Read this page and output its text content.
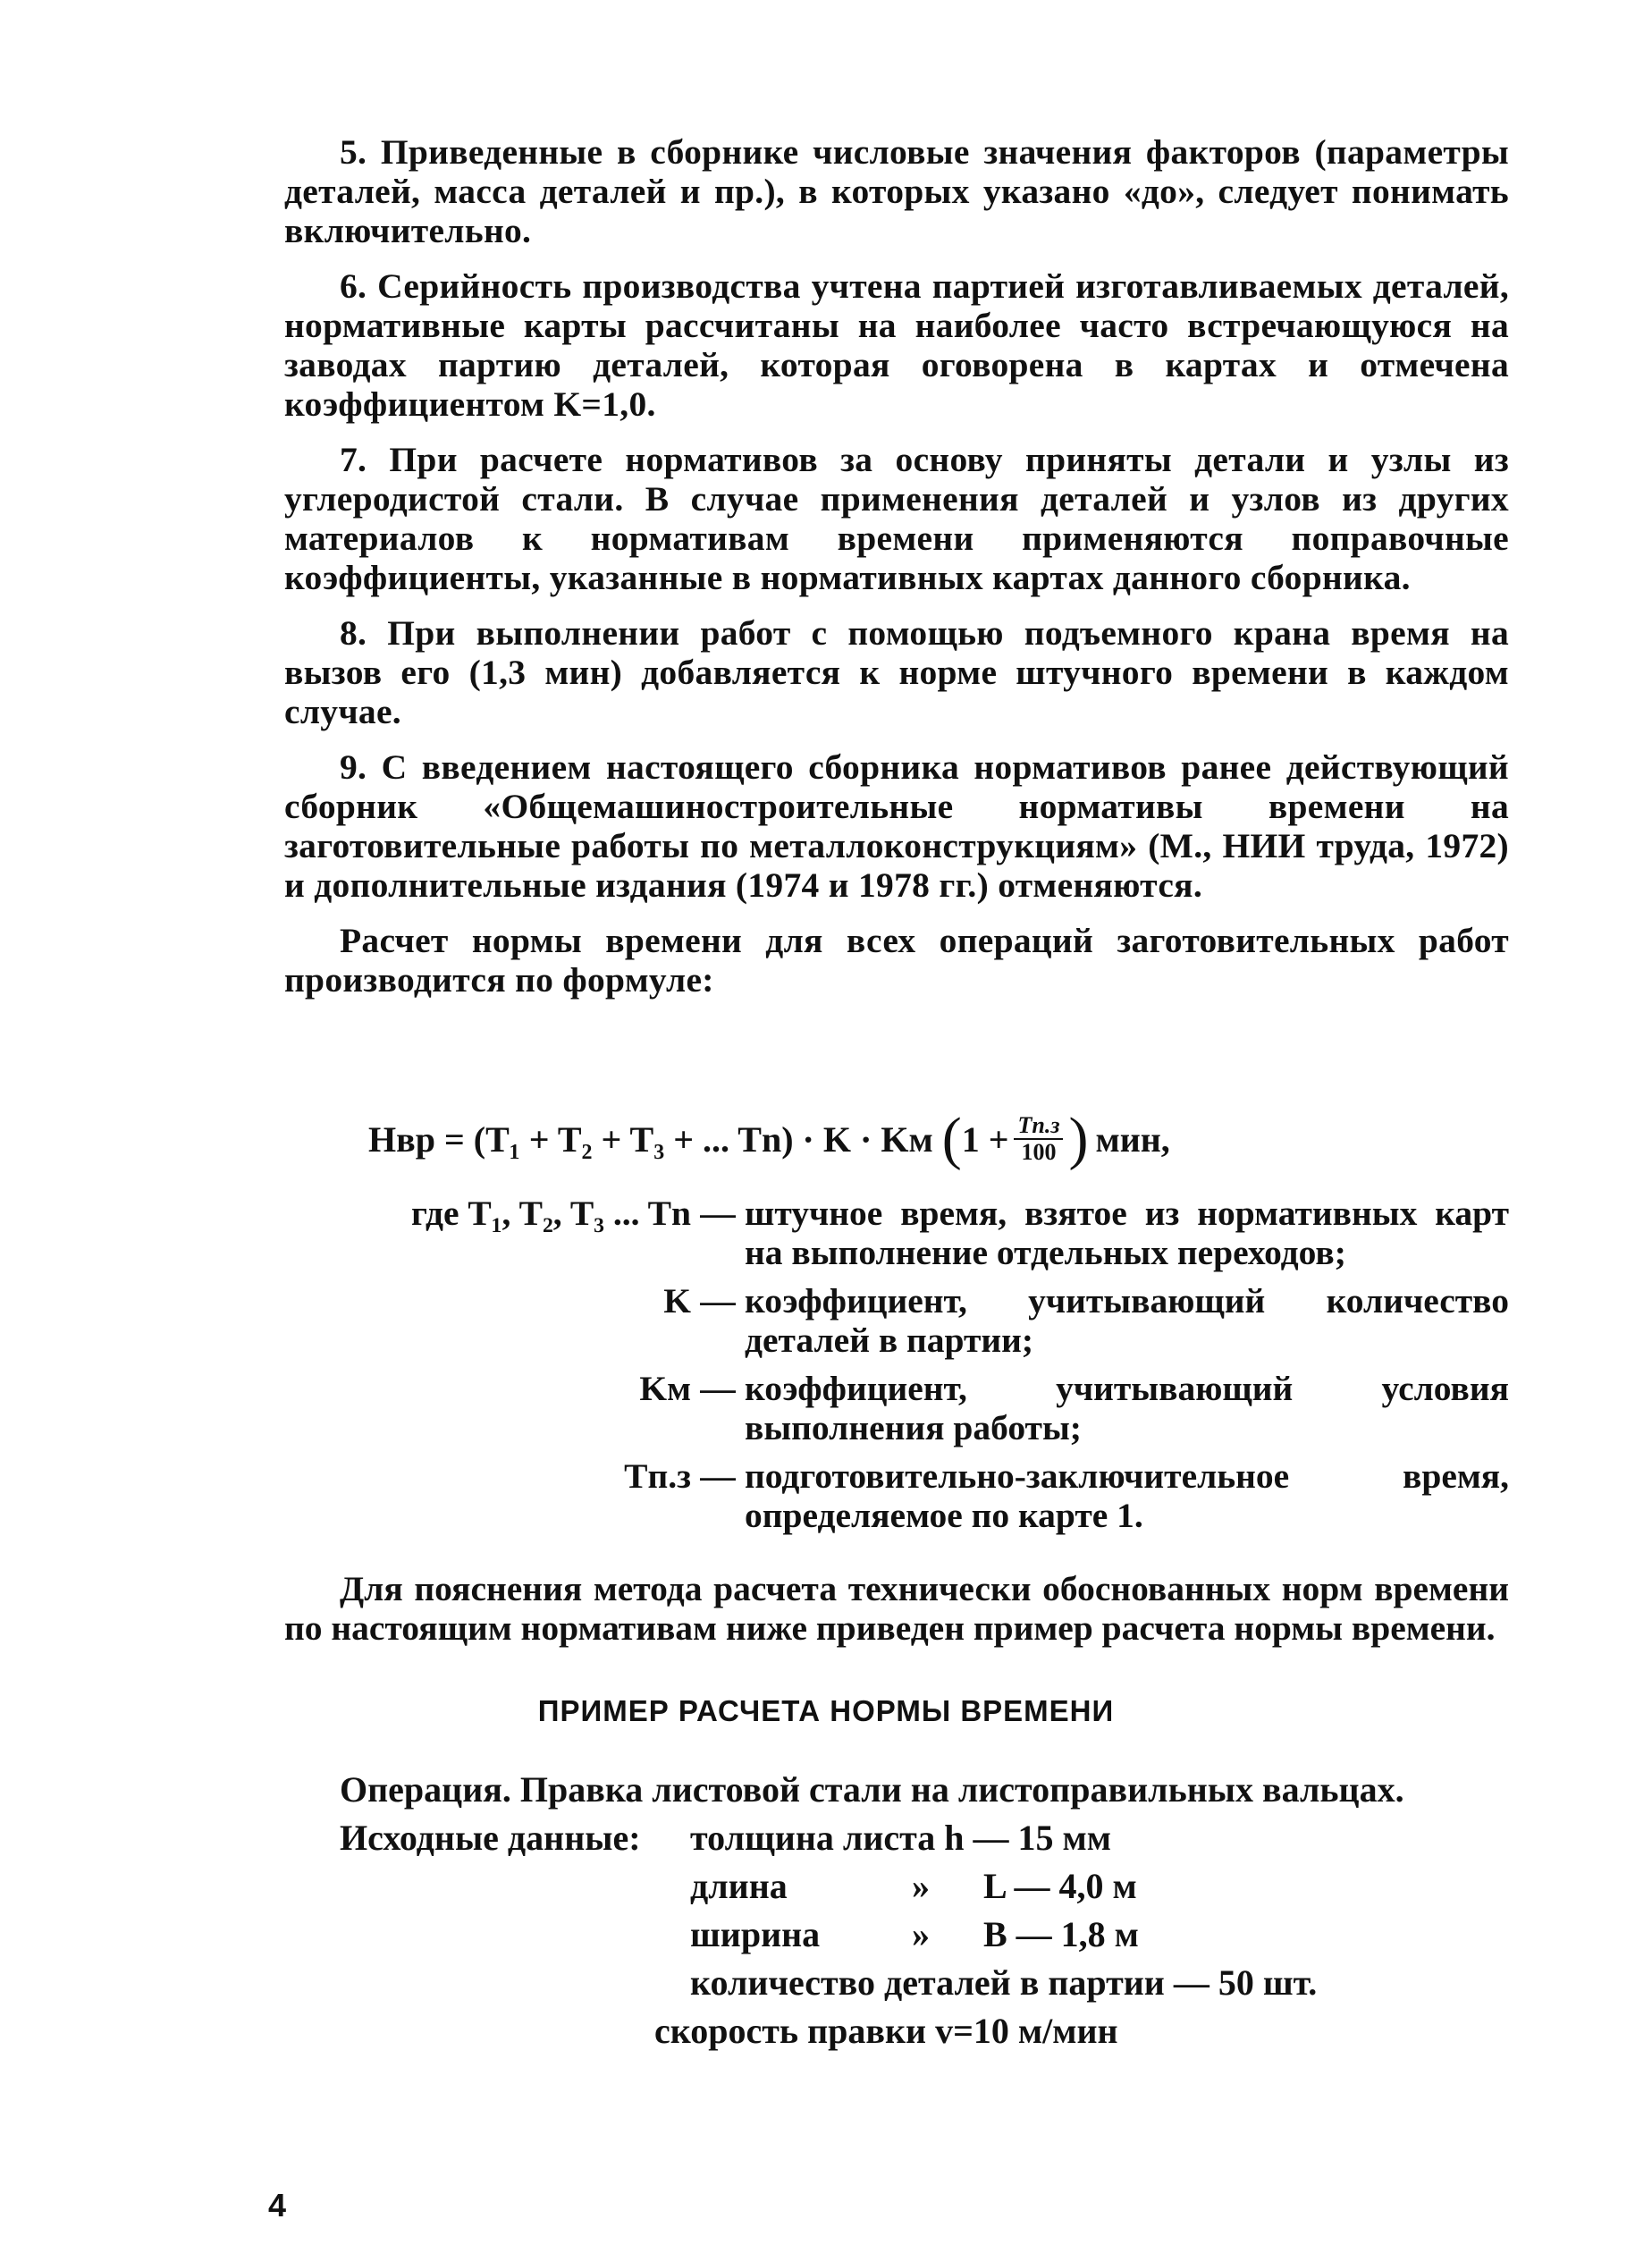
5. Приведенные в сборнике числовые значения факторов (параметры деталей, масса деталей и пр.), в которых указано «до», следует понимать включительно.

6. Серийность производства учтена партией изготавливаемых деталей, нормативные карты рассчитаны на наиболее часто встречающуюся на заводах партию деталей, которая оговорена в картах и отмечена коэффициентом K=1,0.

7. При расчете нормативов за основу приняты детали и узлы из углеродистой стали. В случае применения деталей и узлов из других материалов к нормативам времени применяются поправочные коэффициенты, указанные в нормативных картах данного сборника.

8. При выполнении работ с помощью подъемного крана время на вызов его (1,3 мин) добавляется к норме штучного времени в каждом случае.

9. С введением настоящего сборника нормативов ранее действующий сборник «Общемашиностроительные нормативы времени на заготовительные работы по металлоконструкциям» (М., НИИ труда, 1972) и дополнительные издания (1974 и 1978 гг.) отменяются.

Расчет нормы времени для всех операций заготовительных работ производится по формуле:

Hвр = (T₁ + T₂ + T₃ + ... Tn) · K · Kм ( $1 + \frac{Tп.з}{100}$ ) мин,
где T₁, T₂, T₃ ... Tn — штучное время, взятое из нормативных карт на выполнение отдельных переходов;
K — коэффициент, учитывающий количество деталей в партии;
Kм — коэффициент, учитывающий условия выполнения работы;
Tп.з — подготовительно-заключительное время, определяемое по карте 1.

Для пояснения метода расчета технически обоснованных норм времени по настоящим нормативам ниже приведен пример расчета нормы времени.

ПРИМЕР РАСЧЕТА НОРМЫ ВРЕМЕНИ
Операция. Правка листовой стали на листоправильных вальцах.
Исходные данные: толщина листа h — 15 мм
длина	» L — 4,0 м
ширина	» B — 1,8 м
количество деталей в партии — 50 шт.
скорость правки v=10 м/мин
4
